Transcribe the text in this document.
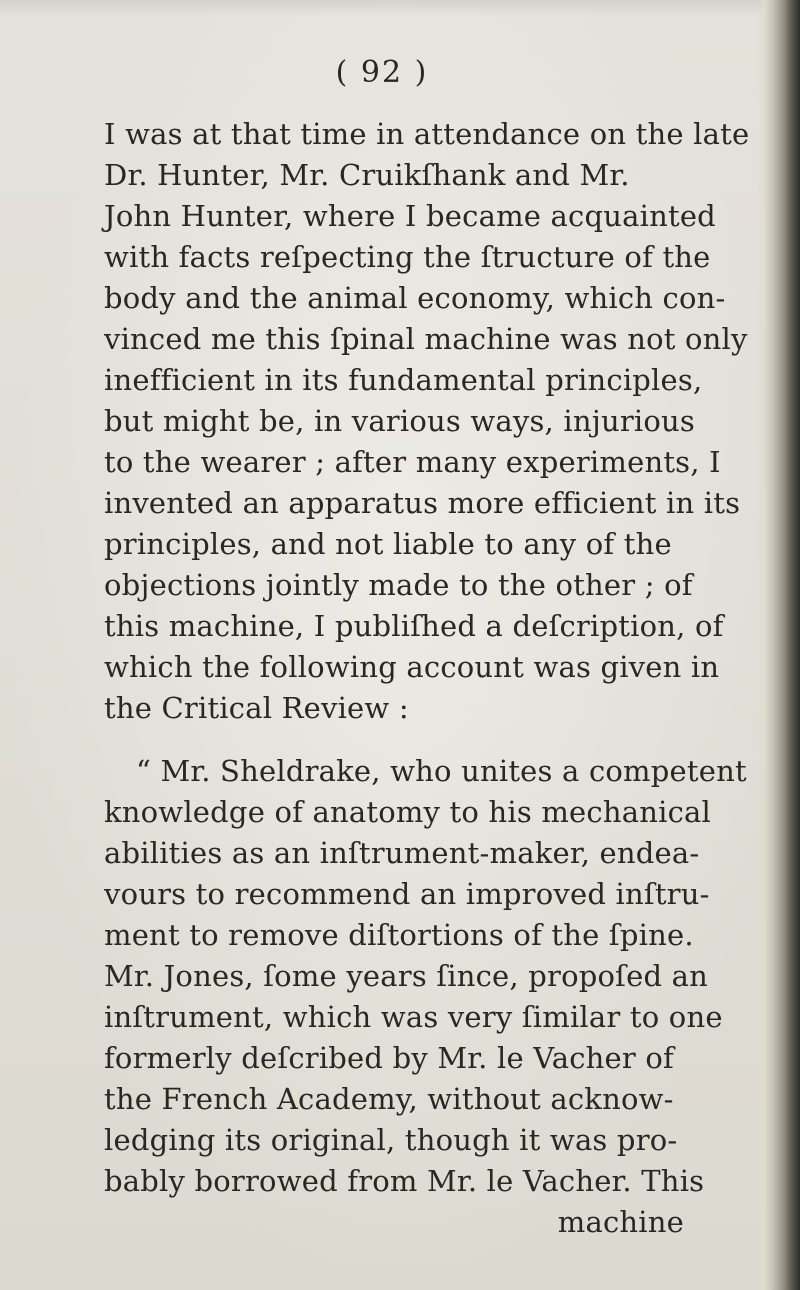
( 92 )
I was at that time in attendance on the late
Dr. Hunter, Mr. Cruikſhank and Mr.
John Hunter, where I became acquainted
with facts reſpecting the ſtructure of the
body and the animal economy, which con-
vinced me this ſpinal machine was not only
inefficient in its fundamental principles,
but might be, in various ways, injurious
to the wearer ; after many experiments, I
invented an apparatus more efficient in its
principles, and not liable to any of the
objections jointly made to the other ; of
this machine, I publiſhed a deſcription, of
which the following account was given in
the Critical Review :
“ Mr. Sheldrake, who unites a competent
knowledge of anatomy to his mechanical
abilities as an inſtrument-maker, endea-
vours to recommend an improved inſtru-
ment to remove diſtortions of the ſpine.
Mr. Jones, ſome years ſince, propoſed an
inſtrument, which was very ſimilar to one
formerly deſcribed by Mr. le Vacher of
the French Academy, without acknow-
ledging its original, though it was pro-
bably borrowed from Mr. le Vacher. This
machine
